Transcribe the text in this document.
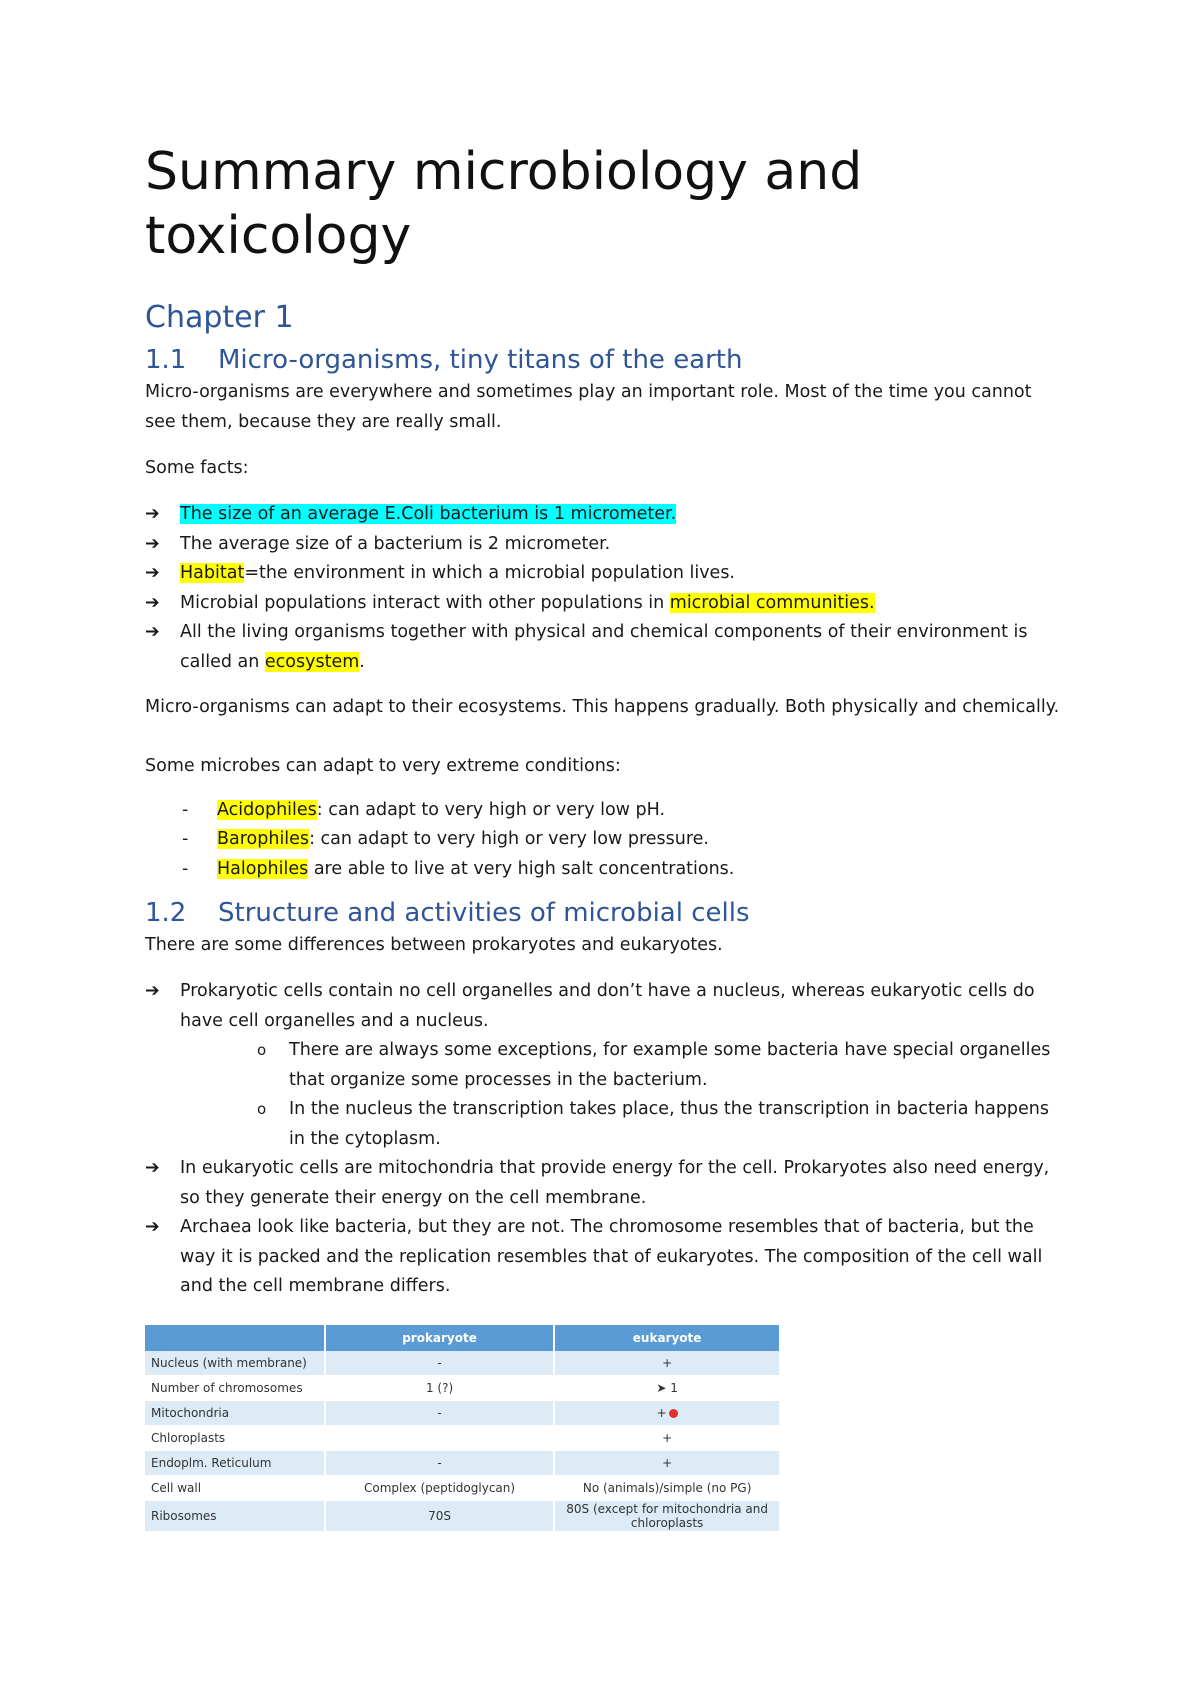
Summary microbiology and toxicology
Chapter 1
1.1 Micro-organisms, tiny titans of the earth

Micro-organisms are everywhere and sometimes play an important role. Most of the time you cannot see them, because they are really small.

Some facts:

➔	The size of an average E.Coli bacterium is 1 micrometer.
➔	The average size of a bacterium is 2 micrometer.
➔	Habitat=the environment in which a microbial population lives.
➔	Microbial populations interact with other populations in microbial communities.
➔	All the living organisms together with physical and chemical components of their environment is called an ecosystem.

Micro-organisms can adapt to their ecosystems. This happens gradually. Both physically and chemically.

Some microbes can adapt to very extreme conditions:

- Acidophiles: can adapt to very high or very low pH.
- Barophiles: can adapt to very high or very low pressure.
- Halophiles are able to live at very high salt concentrations.
1.2 Structure and activities of microbial cells

There are some differences between prokaryotes and eukaryotes.

➔	Prokaryotic cells contain no cell organelles and don’t have a nucleus, whereas eukaryotic cells do have cell organelles and a nucleus.
o There are always some exceptions, for example some bacteria have special organelles that organize some processes in the bacterium.
o In the nucleus the transcription takes place, thus the transcription in bacteria happens in the cytoplasm.
➔	In eukaryotic cells are mitochondria that provide energy for the cell. Prokaryotes also need energy, so they generate their energy on the cell membrane.
➔	Archaea look like bacteria, but they are not. The chromosome resembles that of bacteria, but the way it is packed and the replication resembles that of eukaryotes. The composition of the cell wall and the cell membrane differs.
	prokaryote	eukaryote
Nucleus (with membrane)	-	+
Number of chromosomes	1 (?)	➤ 1
Mitochondria	-	+
Chloroplasts		+
Endoplm. Reticulum	-	+
Cell wall	Complex (peptidoglycan)	No (animals)/simple (no PG)
Ribosomes	70S	80S (except for mitochondria and chloroplasts
